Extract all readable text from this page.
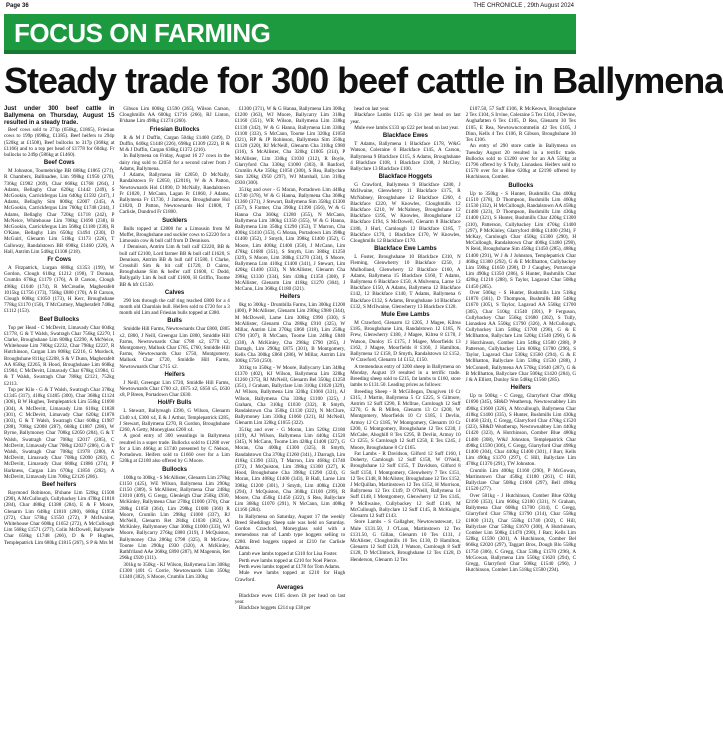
Page 36	THE CHRONICLE , 29th August 2024
FOCUS ON FARMING
Steady trade for 300 beef cattle in Ballymena

Just under 300 beef cattle in Ballymena on Thursday, August 15 resulted in a steady trade.

Beef cows sold to 271p (650kg, £1865), Friesian cows to 199p (698kg, £1385). Beef heifers to 294p (520kg at £1508), Beef bullocks to 317p (368kg at £1166) and to a top per head of £1778 for 604kg. Fr bullocks to 249p (586kg at £1460).

Beef Cows

M Johnston, Toomebridge BB 688kg £1865 (271), R Chambers, Ballinadee, Lim 998kg £1950 (270), 736kg £1982 (269), Char 668kg £1768 (264), J Adams, Bellaghy Char 620kg £1442 (249), S McGookin, Carrickfergus Lim 640kg £1592 (247), J Adams, Bellaghy Sim 800kg £2007 (245), A McGookin, Carrickfergus Lim 760kg £1748 (244), J Adams, Bellaghy Char 720kg £1718 (242), P McNeice, Whitehouse Lim 708kg £1690 (238), B McGookin, Carrickfergus Lim 568kg £1180 (230), R O'Kane, Bellaghy Lim 650kg £1494 (230), D McGuirl, Glenarm Lim 518kg £1173 (226), T Galloway, Randalstown BB 698kg £1460 (220), A Hall, Antrim Lim 540kg £1108 (218).

Fr Cows

A Fitzpatrick, Lurgan 680kg £1353 (199), W Gordon, Clough 610kg £1212 (198), T Donnan, Crumlin 676kg £1179 (176), A B Carson, Clough 498kg £1040 (174), R McCreadie, Magherafelt 1015kg £1756 (173), 758kg £880 (170), A B Carson, Clough 608kg £1050 (173), H Kerr, Broughshane 778kg £1170 (150), T McCartney, Magherafelt 748kg £1112 (153).

Beef Bullocks

Top per Head - C McDevitt, Limavady Char 604kg £1778, G & T Walsh, Swatragh Char 756kg £2270, I Clarke, Broughshane Lim 808kg £2290, A McNeice, Whitehouse Lim 780kg £2232, Char 798kg £2227, R Hutchinson, Cargan Lim 808kg £2216, G Murdock, Broughshane 811kg £2208, S & V Dunn, Magherafelt AA 858kg £2265, R Hood, Broughshane Lim 668kg £1984, C McDevitt, Limavady Char 678kg £1984, G & T Walsh, Swatragh Char 788kg £2121, 752kg £2113.

Top per Kilo - G & T Walsh, Swatragh Char 378kg £1345 (317), 418kg £1405 (300), Char 368kg £1124 (306), B W Hughes, Templepatrick Lim 556kg £1690 (304), A McDevitt, Limavady Lim 610kg £1838 (301), C McDevitt, Limavady Char 620kg £1878 (303), G & T Walsh, Swatragh Char 608kg £1987 (288), 708kg £2008 (287), 668kg £1887 (286), W Byrne, Ballymoney Char 708kg £2050 (284), G & T Walsh, Swatragh Char 708kg £2017 (285), C McDevitt, Limavady Char 708kg £2027 (286), G & T Walsh, Swatragh Char 708kg £1978 (280), A McDevitt, Limavady Char 708kg £2090 (283), C McDevitt, Limavady Char 688kg £1886 (274), P Harkness, Cargan Lim 670kg £1856 (282), A McDevitt, Limavady Lim 700kg £2126 (286).

Beef heifers

Raymond Robinson, B'shane Lim 520kg £1508 (290), A McCullough, Cullybackey Lim 478kg £1818 (284), Char 488kg £1388 (284), E & F Moore, Glenarm Lim 648kg £1810 (280), 680kg £1958 (272), Char 578kg £1550 (272), P McIlwaine, Whitehouse Char 608kg £1652 (272), A McCullough Lim 568kg £1571 (277), Colin McDowell, Ballyearle Char 658kg £1748 (266), D & P Hughes, Templepatrick Lim 680kg £1815 (267), S P & Mrs M

Gibson Lim 600kg £1590 (265), Wilson Carson, Cloughmills AA 600kg £1716 (266), RJ Linton, B'shane Lim 498kg £1274 (260).

Friesian Bullocks

R & M J Duffin, Cargan 504kg £1460 (249), D Duffin, 640kg £1448 (226), 698kg £1309 (222), B & M & J Duffin, Cargan 636kg £1372 (216).

In Ballymena on Friday, August 16 27 cows in the dairy ring sold to £2050 for a second calver from J Adams, Ballymena.

J Adams, Ballymena Hr £2050, D McNally, Randalstown Fr £2050, (£2016), W & A Patton, Newtownards Hol £1890, D McNally, Randalstown Fr £1820, J McCann, Lagan Fr £1860, J Adams, Ballymena Fr £1730, J Jameson, Broughshane Hol £1820, D Patton, Newtownards Hol £1800, T Carlisle, Dundrod Fr £1800.

Sucklers

Bulls topped at £2800 for a Limousin from M Moffet, Broughshane and suckler cows to £2220 for a Limousin cow & bull calf from D Dennison.

J Dennison, Antrim Lim & bull calf £2220, BB & bull calf £2100, Lord farmer BB & bull calf £1620, S Dennison, Antrim BB & bull calf £1580, I Clarke, Crosshill Sim & bit calf £1720, D Cairns, Broughshane Sim & heifer calf £1600, C Dodd, Ballygally Lim & bull calf £1600, H Griffin, Toome BB & hfr £1530.

Calves

290 lots through the calf ring reached £800 for a 4 month old Charolais bull. Heifers sold to £720 for a 3 month old Lim and Friesian bulls topped at £380.

Bulls

Smiddle Hill Farms, Newtownards Char £800, £805 x2, £800, J Neill, Greengar Lim £800, Smiddle Hill Farms, Newtownards Char £780 x2, £770 x2, Montgomery, Mallusk Char £765, £760, Smiddle Hill Farms, Newtownards Char £750, Montgomery, Mallusk Char £720, Smiddle Hill Farms, Newtownards Char £715 x2.

Heifers

J Neill, Greengar Lim £720, Smiddle Hill Farms, Newtownards Char £700 x2, £675 x2, £650 x5, £630 x8, P Breen, Portadown Char £630.

Hol/Fr Bulls

L Stewart, Ballyreagh £390, G Wilson, Glenarm £340 x4, £300 x4, E & J Arthur, Templepatrick £285, J Stewart, Ballymena £270, R Gordon, Broughshane £260, A Getty, Moneyglass £260 x4.

A good entry of 300 weanlings in Ballymena resulted in a super trade. Bullocks sold to £1280 over for a Lim 466kg at £1740 presented by C Nelson, Portadown. Heifers sold to £1660 over for a Lim 520kg at £2180 also offered by G Moore.

Bullocks

100kg to 300kg - S McAllister, Glenarm Lim 278kg £1150 (425), WE Wilson, Ballymena Lim 290kg £1150 (389), S McAllister, Ballymena Char 248kg £1010 (409), G Gregg, Glenleigh Char 250kg £930, McKinley, Ballymena Char 270kg £1000 (370), Char 288kg £1050 (364), Lim 298kg £1080 (360) R Moore, Crumlin Lim 298kg £1000 (337), RJ McNeill, Glenarm Ret 284kg £1030 (362), A McKinley, Ballymoney Char 300kg £1000 (333), WJ Moore, Ballycarry 276kg £880 (319), J McQuiston, Ballymoney Cha 286kg £798 (325), R McGraw, Toome Lim 290kg £930 (320), A McKinley, Rathfriland AAe 268kg £890 (287), M Magennis, Ret 296kg £920 (311).

301kg to 350kg - KJ Wilson, Ballymena Lim 308kg £1300 (401 G Corrie, Newtownards Lim 350kg £1340 (382), S Moore, Crumlin Lim 330kg

£1300 (371), W & G Hanna, Ballymena Lim 300kg £1200 (363), WJ Moore, Ballycarry Lim 318kg £1160 (351), WR Wilson, Ballymena Lim 338kg £1130 (342), W & G Hanna, Ballymena Lim 330kg £1100 (333), S McCann, Toome Lim 320kg £1050 (321), RP & JP Robinson, Ballymena Sim 350kg £1120 (320), RJ McNeill, Glenarm Cha 310kg £980 (316), S McAllister, Cha 320kg £1005 (314), P McAllister, Lim 330kg £1030 (312), R Boyle, Glarryford Cha 330kg £1000 (303), R Banford, Crumlin AAe 350kg £1050 (300), S Rea, Ballyclare Sim 320kg £950 (297), WJ Marshall, Lim 310kg £930 (300).

351kg and over - G Moran, Portadown Lim 448kg £1740 (378), W & G Hanna, Ballymena Cha 368kg £1360 (371), J Stewart, Ballymena Sim 358kg £1300 (357), S Farmer, Cha 390kg £1390 (356), W & G Hanna Cha 360kg £1280 (355), N McCann, Ballymena Lim 380kg £1350 (355), W & G Hanna, Ballymena Lim 350kg £1290 (353), T Marron, Cha 400kg £1410 (353), G Moran, Portadown Lim 398kg £1400 (352), J Smyth, Lim 398kg £1400 (352), G Moore, Lim 400kg £1400 (350), J McCann, Lim 478kg £1680 (351), S Smyth, Lim 380kg £1250 (329), S Moore, Lim 388kg £1270 (334), S Moore, Ballymena Lim 410kg £1400 (341), J Stewart, Lim 420kg £1400 (333), N McAllister, Glenarm Cha 398kg £1330 (334), Sim 438kg £1350 (308), F McAllister, Glenarm Lim 418kg £1270 (304), J McCann, Lim 368kg £1180 (321).

Heifers

0kg to 300kg - Drumbilla Farms, Lim 300kg £1200 (400), P McAllister, Glenarm Lim 290kg £980 (344), M McDowell, Larne Lim 300kg £990 (330), S McAllister, Glenarm Cha 280kg £910 (325), W Millar, Antrim Lim 270kg £860 (318), Lim 258kg £790 (307), R McCann, Toome Lim 248kg £840 (338), A McKinley, Cha 298kg £790 (265), J Darragh, Lim 290kg £875 (301), B Montgomery, Kells Cha 300kg £860 (286), W Millar, Antrim Lim 300kg £750 (250).

301kg to 350kg - W Moore, Ballycarry Lim 348kg £1370 (402), KJ Wilson, Ballymena Lim 328kg £1260 (375), RJ McNeill, Glenarm Bel 350kg £1250 (351), J Graham, Ballyclare Lim 310kg £1020 (329), AJ Wilson, Ballymena Lim 320kg £1060 (331), AJ Wilson, Ballymena Cha 338kg £1100 (325), J Graham, Cha 310kg £1030 (332), R Smyth, Randalstown Cha 350kg £1130 (322), N McClure, Ballymoney Lim 330kg £1060 (321), RJ McNeill, Glenarm Lim 328kg £1055 (322).

351kg and over - G Moran, Lim 520kg £2180 (419), AJ Wilson, Ballymena Lim 440kg £1520 (345), N McCann, Toome Lim 428kg £1400 (327), G Moran, Cha 400kg £1300 (325), R Smyth, Randalstown Cha 370kg £1260 (341), J Darragh, Lim 418kg £1390 (333), T Marron, Lim 468kg £1740 (372), J McQuiston, Lim 398kg £1300 (327), K Hood, Broughshane Cha 398kg £1290 (324), G Moran, Lim 408kg £1400 (343), B Hall, Larne Lim 398kg £1200 (301), J Smyth, Lim 408kg £1200 (294), J McQuiston, Cha 368kg £1100 (299), R Moore, Cha 450kg £1450 (322), S Rea, Ballyclare Lim 368kg £1070 (291), N McCann, Lim 408kg £1160 (284).

In Ballymena on Saturday, August 17 the weekly Breed Sheddings Sheep sale was held on Saturday. Gordon Crawford, Moneyglass sold with a tremendous run of Lamb type hoggets selling to £280. Bred hoggets topped at £210 for Carlisle Adams.

Lamb ewe lambs topped at £310 for Lisa Foster.

Perth ewe lambs topped at £210 for Noel Pierce.

Perth ewes lambs topped at £178 for Tom Adams.

Mule ewe lambs topped at £210 for Hugh Crawford.

Averages

Blackface ewes £105 down £8 per head on last year.

Blackface hoggets £214 up £38 per

head on last year.

Blackface Lambs £125 up £14 per head on last year.

Mule ewe lambs £133 up £22 per head on last year.

Blackface Ewes

T Adams, Ballymena 1 Blackface £178, W&G Watson, Coleraine 6 Blackface £145, A Carson, Ballymena 9 Blackface £115, S Adams, Broughshane 4 Blackface £108, 1 Blackface £108, J McCloy, Ballyclare 13 Blackface £100.

Blackface Hoggets

G Crawford, Ballymena 9 Blackface £280, J McIlwaine, Glenwherry 11 Blackface £175, R McNabney, Broughshane 12 Blackface £260, 4 Blackface £220, W Knowles, Cloughmills 12 Blackface £210, W McNabney, Broughshane 12 Blackface £195, W Knowles, Broughshane 12 Blackface £194, S McDowell, Glenarm 8 Blackface £186, J Hurl, Carnlough 12 Blackface £185, 7 Blackface £170, 1 Blackface £170, W Knowles, Cloughmills 12 Blackface £170.

Blackface Ewe Lambs

L Foster, Broughshane 10 Blackface £310, N Fleming, Glenwherry 10 Blackface £250, J Mulholland, Glenwherry 12 Blackface £160, A Adams, Ballymena 15 Blackface £160, T Adams, Ballymena 6 Blackface £150, A Mulvenna, Larne 12 Blackface £150, A Adams, Ballymena 12 Blackface £142, 12 Blackface £140, T Adams, Ballymena 6 Blackface £132, S Adams, Broughshane 14 Blackface £132, S McIlwaine, Glenwherry 13 Blackface £128.

Mule Ewe Lambs

M Crawford, Glenarm 12 £205, J Magee, Kilrea £185, Broughshane Lim, Randalstown 12 £185, N Frew, Glenwherry £180, J Magee, Kilrea 8 £178, J Watson, Dunloy 15 £175, J Magee, Moorfields 13 £162, J Magee, Moorfields 8 £160, J Hamilton, Ballymena 12 £158, D Smyth, Randalstown 12 £152, W Crawford, Glenarm 14 £152, £150.

A tremendous entry of 3200 sheep in Ballymena on Monday, August 19 resulted in a terrific trade. Breeding sheep sold to £215, fat lambs to £160, store lambs to £131.50. Leading prices as follows:

Breeding Sheep - R McGillegan, Dungiven 10 Cr £315, J Martin, Ballymena 5 Cr £225, S Gilmore, Antrim 12 Suff £290, E McIlrae, Carnlough 12 Suff £270, G & R Millen, Glenarm 13 Cr £200, W Montgomery, Moorfields 10 Cr £185, I Devlin, Armoy 12 Cr £185, W Montgomery, Glenarm 10 Cr £200, G Montgomery, Broughshane 12 Tex £230, J McCabe, Ahoghill 8 Tex £295, B Devlin, Armoy 10 Cr £255, S Carnlough 12 Suff £250, E Tex £245, J Moore, Broughshane 8 Cr £165.

Fat Lambs - R Davidson, Gilford 12 Suff £160, I Doherty, Carnlough 12 Suff £158, W O'Neill, Broughshane 12 Suff £155, T Davidson, Gilford 8 Suff £150, I Montgomery, Glenwherry 7 Tex £151, 12 Tex £148, R McAlister, Broughshane 12 Tex £152, J McQuillan, Martinstown 12 Tex £152, H Morrison, Ballymena 12 Tex £149, D O'Neill, Ballymena 14 Suff £148, I Montgomery, Glenwherry 12 Tex £145, P McIlwaine, Cullybackey 12 Suff £146, M McCullough, Ballyclare 12 Suff £145, R McKnight, Glenarm 12 Suff £143.

Store Lambs - S Gallagher, Newtownstewart, 12 Mule £131.50, J O'Loan, Martinstown 12 Tex £131.50, G Gillan, Glenarm 10 Tex £131, J McAlister, Cloughmills 10 Tex £130, D Hamilton, Glenarm 12 Suff £128, J Watson, Carnlough 8 Suff £128, D McClintock, Broughshane 12 Tex £128, D Henderson, Glenarm 12 Tex

£107.50, 57 Suff £106, R McKeown, Broughshane 2 Tex £104, S Irvine, Coleraine 5 Tex £104, J Devine, Aughafatten 6 Tex £105, D Rea, Glenarm 30 Tex £105, E Rea, Newtowncrommelin 42 Tex £105, J Dinn, Kells 4 Tex £106, R Gibson, Broughshane 30 Tex £106.

An entry of 290 store cattle in Ballymena on Tuesday August 20 resulted in a terrific trade. Bullocks sold to £1200 over for an AA 550kg at £1790 offered by S Tully, Lisnaskea. Heifers sold to £1570 over for a Blue 620kg at £2190 offered by Hutchinson, Comber.

Bullocks

Up to 350kg - S Hunter, Bushmills Cha 400kg £1510 (378), D Thompson, Bushmills Lim 460kg £1530 (332), H McCullough, Randalstown AA 458kg £1480 (323), D Thompson, Bushmills Lim 436kg £1400 (321), S Hunter, Bushmills Char 420kg £1300 (310), Patterson, Cullybackey Lim 470kg £1400 (297), P McKinley, Glarryford 480kg £1400 (294), F McKay, Carnlough Char 450kg £1300 (290), H McCullough, Randalstown Char 400kg £1460 (298), N Reid, Broughshane Sim 458kg £1450 (285), 488kg £1400 (291), W J & J Johnston, Templepatrick Char 460kg £1300 (292), G & E McIlhatton, Cullybackey Lim 590kg £1650 (290), D J Caughey, Portavogie Lim 490kg £1350 (286), S Hunter, Bushmills Char 420kg £1210 (288), S Taylor, Lagavad Char 508kg £1450 (285).

Over 500kg - S Hunter, Bushmills Lim 518kg £1870 (361), D Thompson, Bushmills BB 548kg £1670 (305), S Taylor, Lagavad AA 558kg £1700 (305), Char 510kg £1540 (301), P Ferguson, Cullybackey Char 556kg £1680 (302), S Tully, Lisnaskea AA 550kg £1790 (326), A McCullough, Cullybackey Lim 540kg £1700 (296), G & E McIlhatton, Ballyclare Lim 520kg £1540 (296), G & J Hutchinson, Comber Lim 548kg £1580 (288), P Patterson, Cullybackey Lim 600kg £1780 (296), S Taylor, Lagavad Char 530kg £1560 (294), G & E McIlhatton, Ballyclare Lim 530kg £1530 (288), J McConnell, Ballymena AA 570kg £1640 (287), G & B McIlhatton, Ballyclare Char 500kg £1420 (284), G J & A Elliott, Dunloy Sim 548kg £1560 (285).

Heifers

Up to 500kg - C Gregg, Glarryford Char 490kg £1690 (345), SB&D Weatherup, Newtownabbey Lim 490kg £1600 (326), A Mccullough, Ballymena Char 418kg £1400 (335), S Hunter, Bushmills Lim 430kg £1460 (324), C Gregg, Glarryford Char 470kg £1520 (323), SB&D Weatherup, Newtownabbey Lim 440kg £1420 (323), A Hutchinson, Comber Blue 480kg £1480 (308), W&J Johnston, Templepatrick Char 498kg £1590 (306), C Gregg, Glarryford Char 498kg £1400 (304), Char 440kg £1400 (301), J Barr, Kells Lim 490kg £1370 (297), C Hill, Ballyclare Lim 470kg £1370 (291), TW Johnston.

Crumlin Lim 400kg £1160 (290), P McGowan, Martinstown Char 450kg £1180 (261), C Hill, Ballyclare Char 508kg £1600 (297), Bell 498kg £1520 (277).

Over 501kg - J Hutchinson, Comber Blue 620kg £2190 (353), Lim 660kg £2180 (331), N Graham, Ballymena Char 608kg £1700 (314), C Gregg, Glarryford Char 578kg £1790 (314), Char 558kg £1800 (312), Char 558kg £1740 (302), C Hill, Ballyclare Char 538kg £1670 (300), A Hutchinson, Comber Lim 508kg £1470 (290), J Barr, Kells Lim 528kg £1590 (301), A Hutchinson, Comber Bel 666kg £2020 (297), Taggart Bros, Dough Blo 558kg £1750 (306), C Gregg, Char 538kg £1570 (296), A McGowan, Ballymena Lim 550kg £1620 (294), C Gregg, Glarryford Char 508kg £1540 (296), J Hutchinson, Comber Lim 518kg £1500 (294).
